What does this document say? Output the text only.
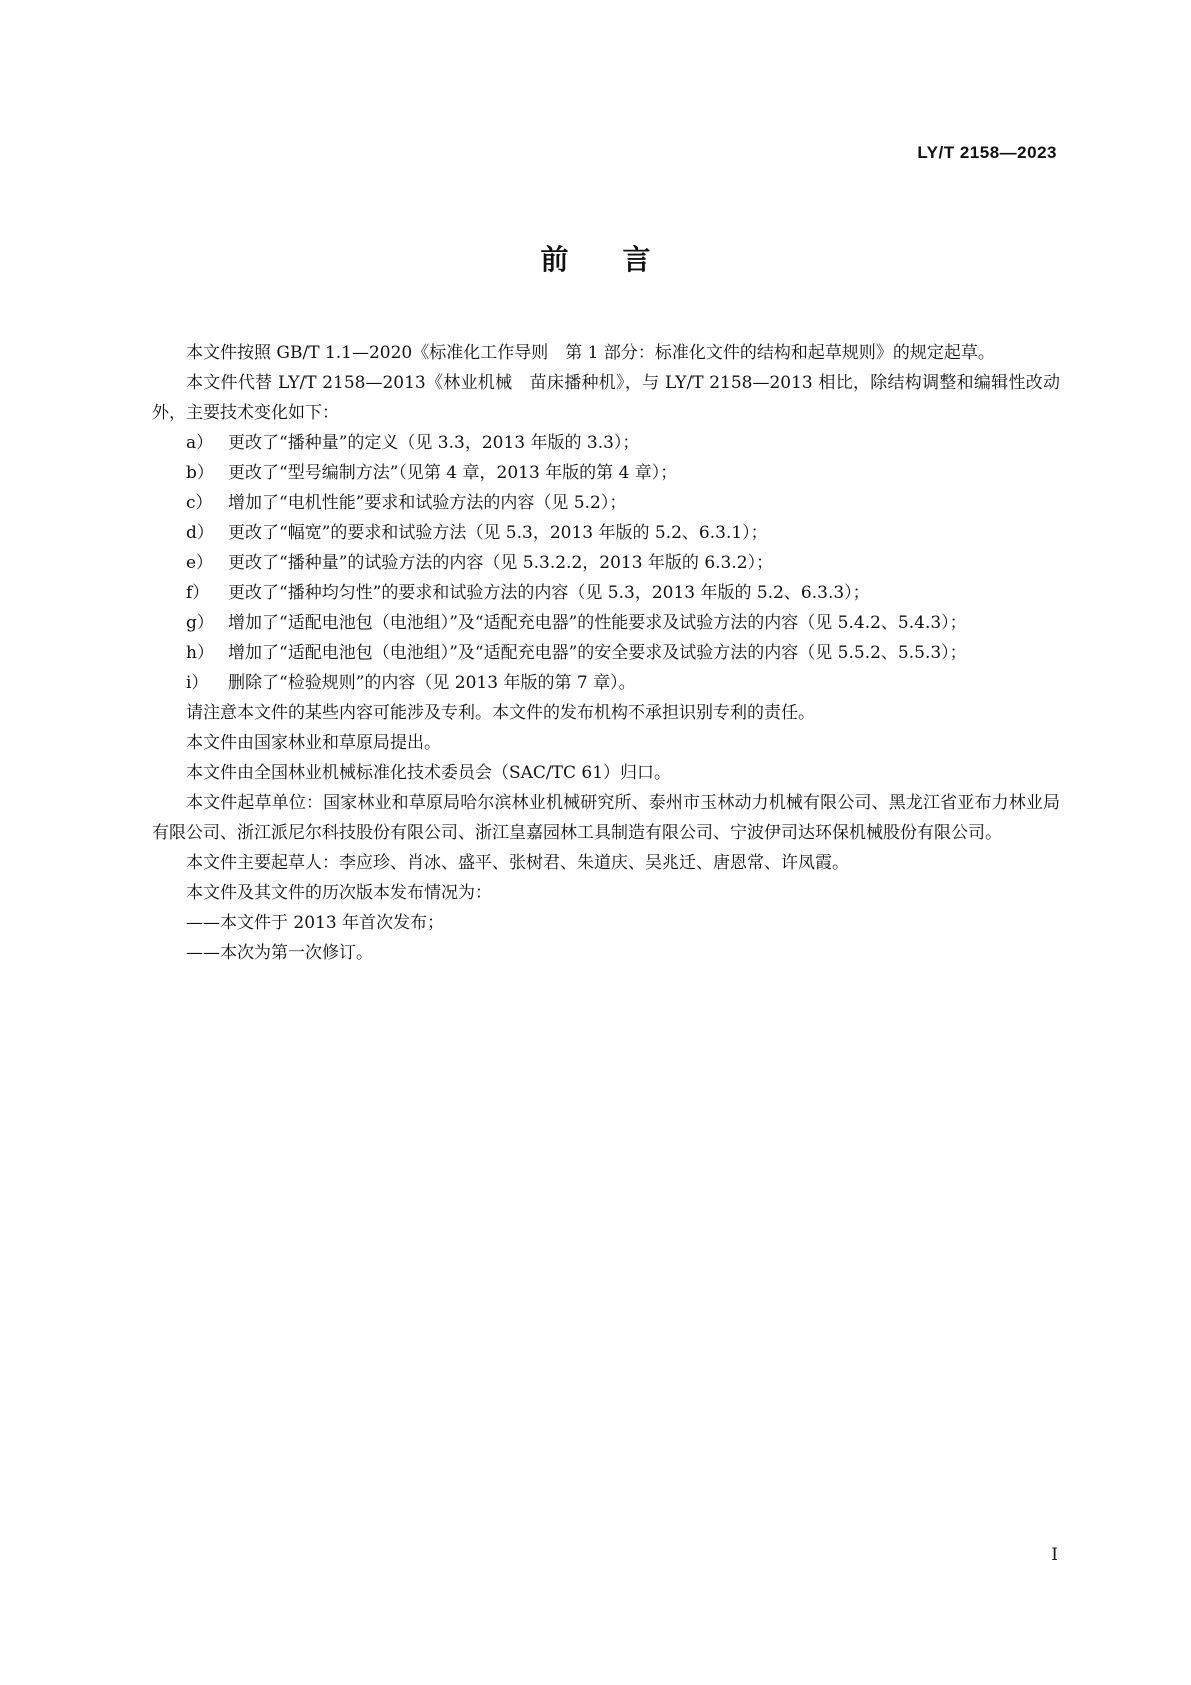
LY/T 2158—2023
前言

本文件按照 GB/T 1.1—2020《标准化工作导则　第 1 部分：标准化文件的结构和起草规则》的规定起草。

本文件代替 LY/T 2158—2013《林业机械　苗床播种机》，与 LY/T 2158—2013 相比，除结构调整和编辑性改动外，主要技术变化如下：

a） 更改了“播种量”的定义（见 3.3，2013 年版的 3.3）；

b） 更改了“型号编制方法”（见第 4 章，2013 年版的第 4 章）；

c） 增加了“电机性能”要求和试验方法的内容（见 5.2）；

d） 更改了“幅宽”的要求和试验方法（见 5.3，2013 年版的 5.2、6.3.1）；

e） 更改了“播种量”的试验方法的内容（见 5.3.2.2，2013 年版的 6.3.2）；

f） 更改了“播种均匀性”的要求和试验方法的内容（见 5.3，2013 年版的 5.2、6.3.3）；

g） 增加了“适配电池包（电池组）”及“适配充电器”的性能要求及试验方法的内容（见 5.4.2、5.4.3）；

h） 增加了“适配电池包（电池组）”及“适配充电器”的安全要求及试验方法的内容（见 5.5.2、5.5.3）；

i） 删除了“检验规则”的内容（见 2013 年版的第 7 章）。

请注意本文件的某些内容可能涉及专利。本文件的发布机构不承担识别专利的责任。

本文件由国家林业和草原局提出。

本文件由全国林业机械标准化技术委员会（SAC/TC 61）归口。

本文件起草单位：国家林业和草原局哈尔滨林业机械研究所、泰州市玉林动力机械有限公司、黑龙江省亚布力林业局有限公司、浙江派尼尔科技股份有限公司、浙江皇嘉园林工具制造有限公司、宁波伊司达环保机械股份有限公司。

本文件主要起草人：李应珍、肖冰、盛平、张树君、朱道庆、吴兆迁、唐恩常、许凤霞。

本文件及其文件的历次版本发布情况为：

——本文件于 2013 年首次发布；

——本次为第一次修订。

I
